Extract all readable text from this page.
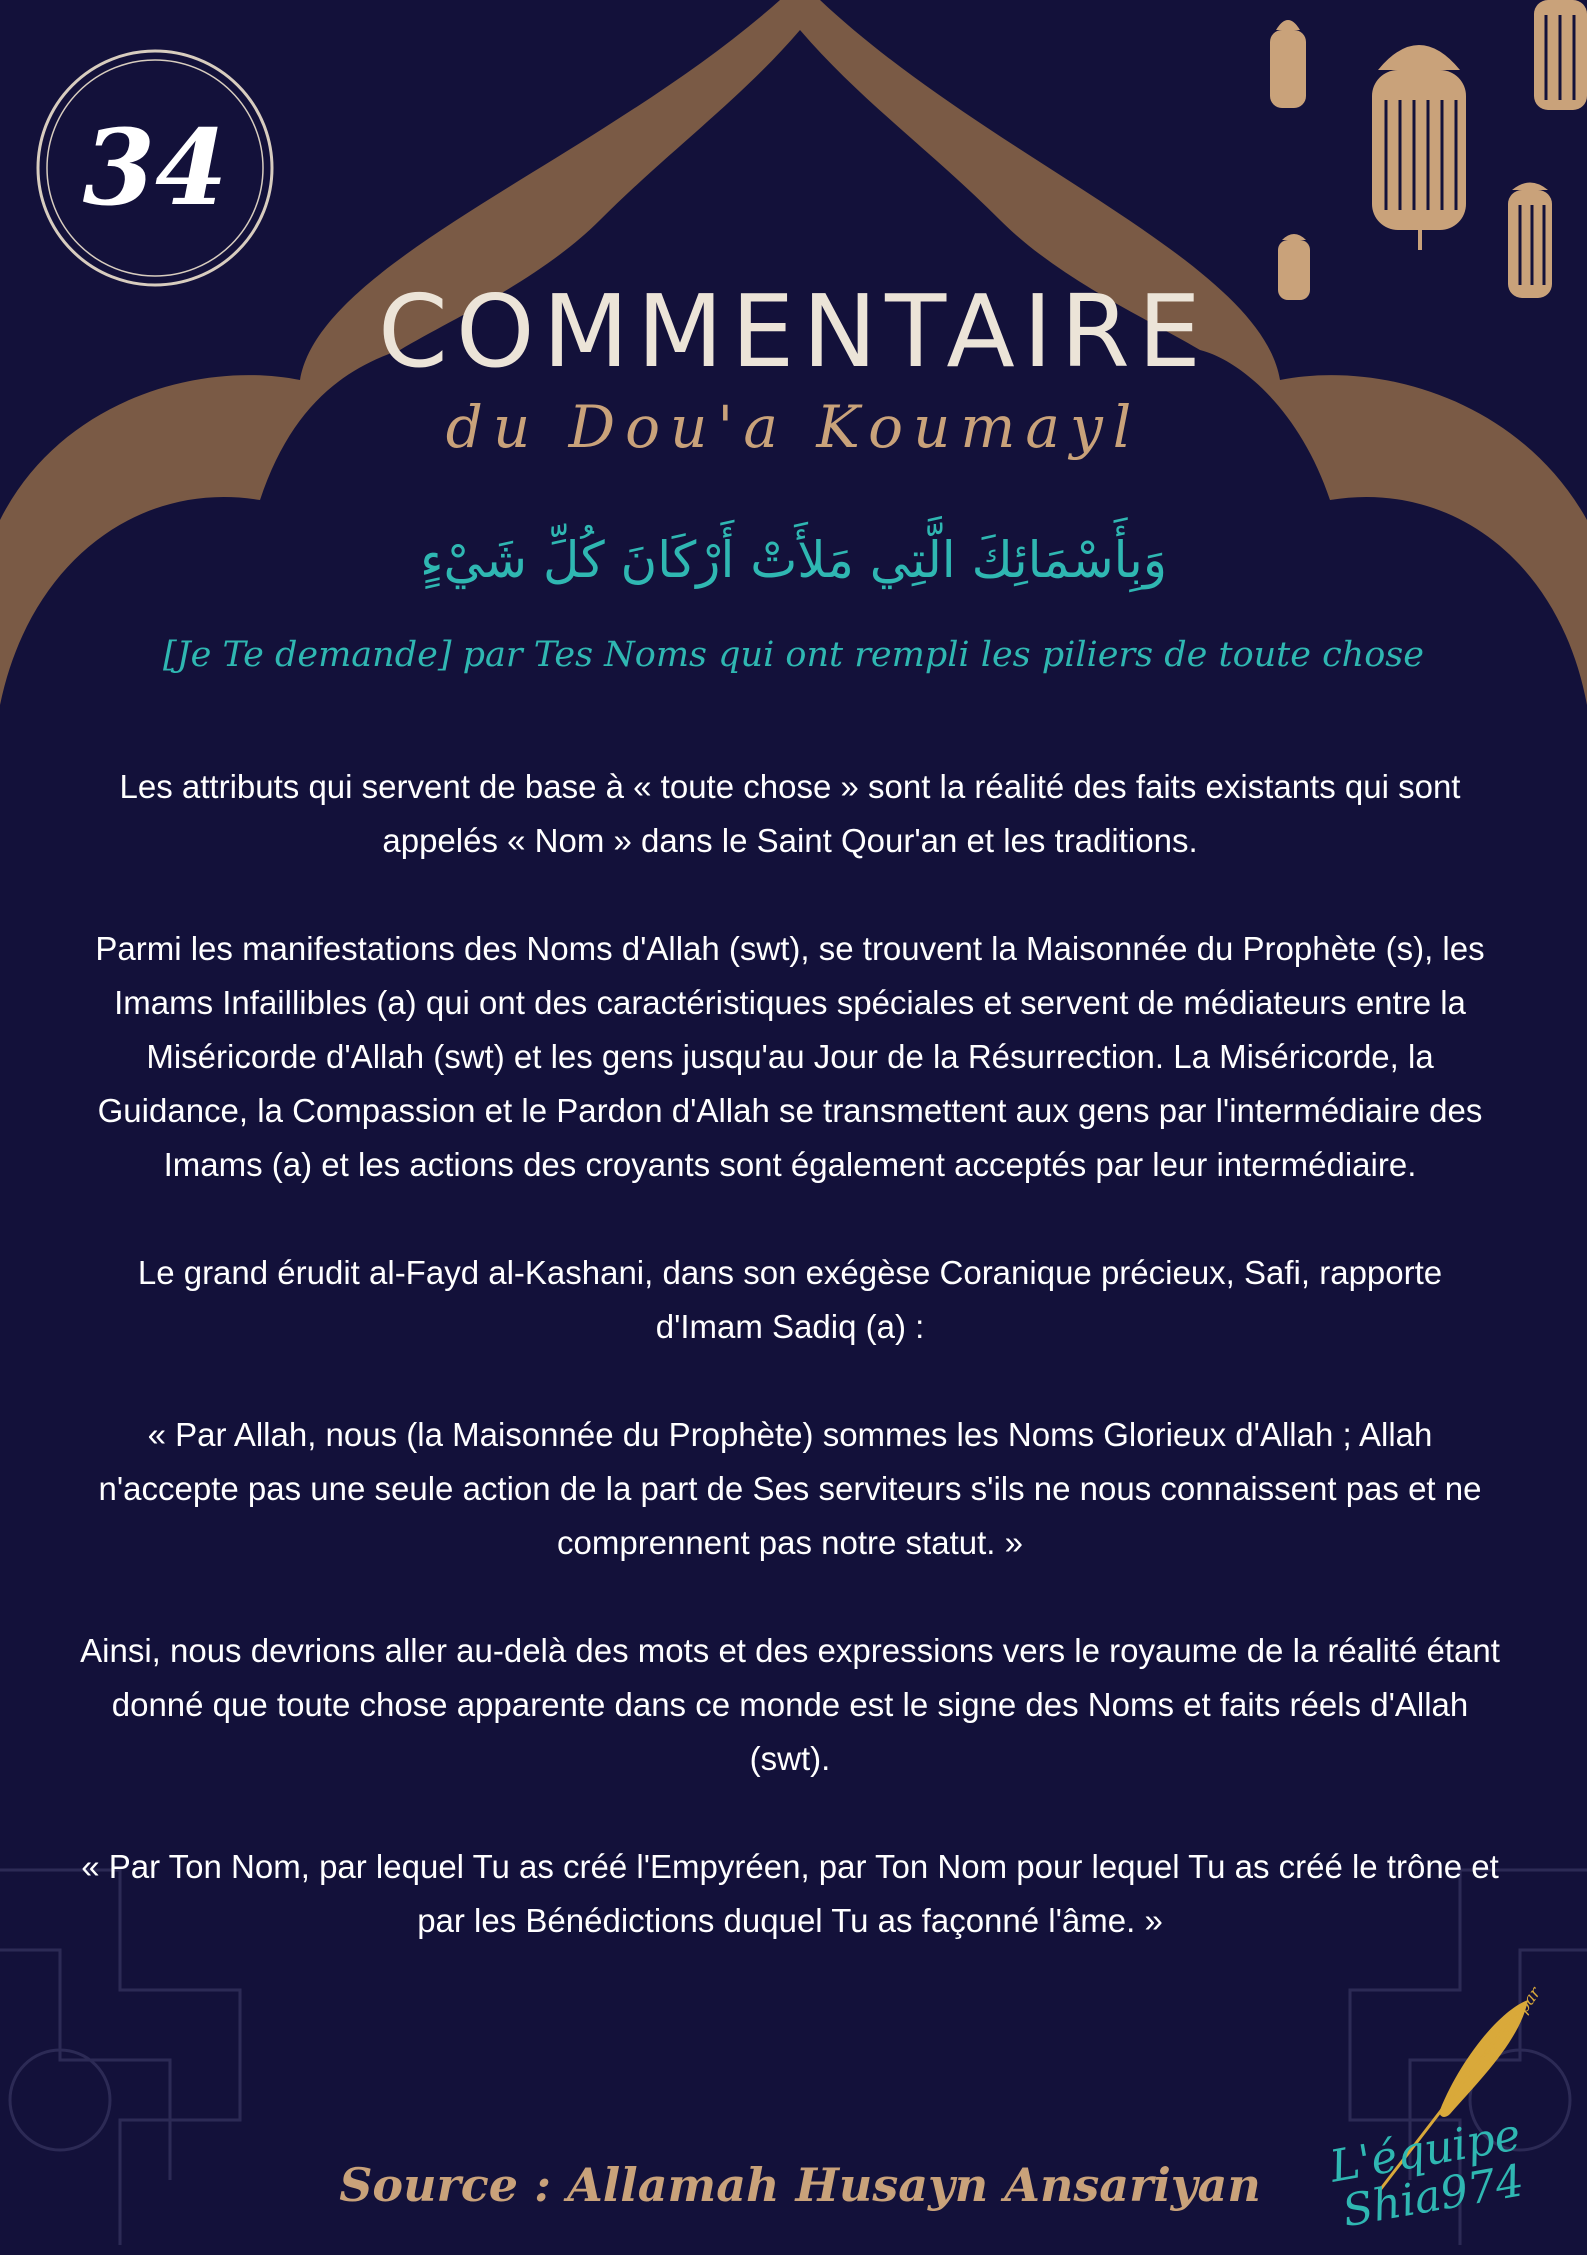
34
COMMENTAIRE
du Dou'a Koumayl
وَبِأَسْمَائِكَ الَّتِي مَلأَتْ أَرْكَانَ كُلِّ شَيْءٍ
[Je Te demande] par Tes Noms qui ont rempli les piliers de toute chose

Les attributs qui servent de base à « toute chose » sont la réalité des faits existants qui sont appelés « Nom » dans le Saint Qour'an et les traditions.

Parmi les manifestations des Noms d'Allah (swt), se trouvent la Maisonnée du Prophète (s), les Imams Infaillibles (a) qui ont des caractéristiques spéciales et servent de médiateurs entre la Miséricorde d'Allah (swt) et les gens jusqu'au Jour de la Résurrection. La Miséricorde, la Guidance, la Compassion et le Pardon d'Allah se transmettent aux gens par l'intermédiaire des Imams (a) et les actions des croyants sont également acceptés par leur intermédiaire.

Le grand érudit al-Fayd al-Kashani, dans son exégèse Coranique précieux, Safi, rapporte d'Imam Sadiq (a) :

« Par Allah, nous (la Maisonnée du Prophète) sommes les Noms Glorieux d'Allah ; Allah n'accepte pas une seule action de la part de Ses serviteurs s'ils ne nous connaissent pas et ne comprennent pas notre statut. »

Ainsi, nous devrions aller au-delà des mots et des expressions vers le royaume de la réalité étant donné que toute chose apparente dans ce monde est le signe des Noms et faits réels d'Allah (swt).

« Par Ton Nom, par lequel Tu as créé l'Empyréen, par Ton Nom pour lequel Tu as créé le trône et par les Bénédictions duquel Tu as façonné l'âme. »

Source : Allamah Husayn Ansariyan
Traduit par
L'équipe Shia974
